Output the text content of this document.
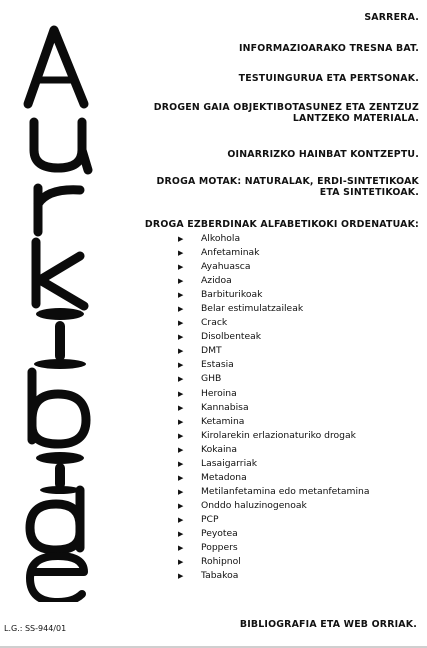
SARRERA.

INFORMAZIOARAKO TRESNA BAT.

TESTUINGURUA ETA PERTSONAK.

DROGEN GAIA OBJEKTIBOTASUNEZ ETA ZENTZUZ
LANTZEKO MATERIALA.

OINARRIZKO HAINBAT KONTZEPTU.

DROGA MOTAK: NATURALAK, ERDI-SINTETIKOAK
ETA SINTETIKOAK.

DROGA EZBERDINAK ALFABETIKOKI ORDENATUAK:

▶ Alkohola
▶ Anfetaminak
▶ Ayahuasca
▶ Azidoa
▶ Barbiturikoak
▶ Belar estimulatzaileak
▶ Crack
▶ Disolbenteak
▶ DMT
▶ Estasia
▶ GHB
▶ Heroina
▶ Kannabisa
▶ Ketamina
▶ Kirolarekin erlazionaturiko drogak
▶ Kokaina
▶ Lasaigarriak
▶ Metadona
▶ Metilanfetamina edo metanfetamina
▶ Onddo haluzinogenoak
▶ PCP
▶ Peyotea
▶ Poppers
▶ Rohipnol
▶ Tabakoa
L.G.: SS-944/01	BIBLIOGRAFIA ETA WEB ORRIAK.
